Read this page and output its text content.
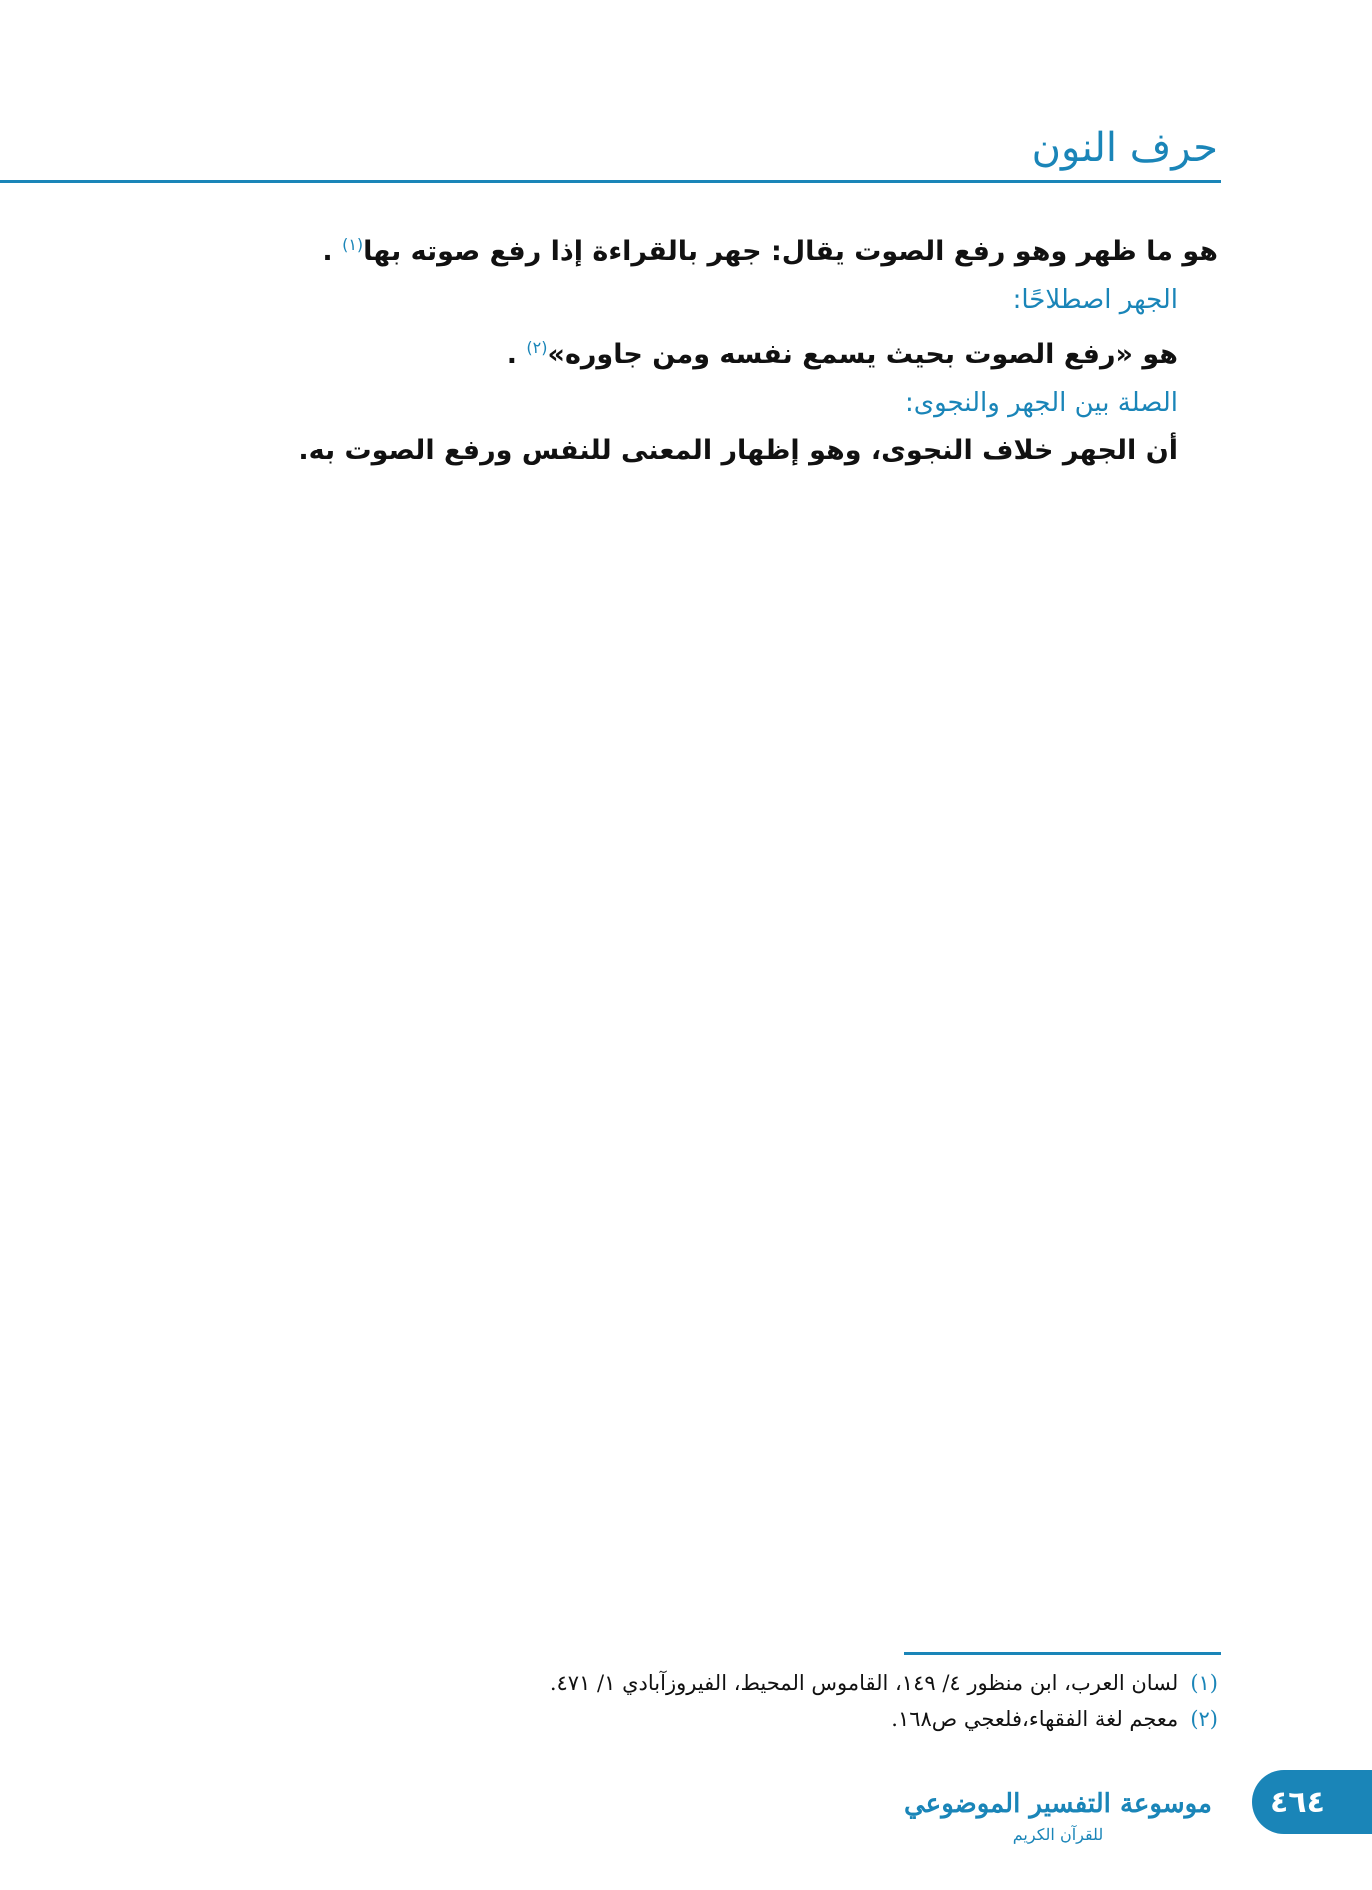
حرف النون

هو ما ظهر وهو رفع الصوت يقال: جهر بالقراءة إذا رفع صوته بها$^{(١)}$ .

الجهر اصطلاحًا:

هو «رفع الصوت بحيث يسمع نفسه ومن جاوره»$^{(٢)}$ .

الصلة بين الجهر والنجوى:

أن الجهر خلاف النجوى، وهو إظهار المعنى للنفس ورفع الصوت به.

(١)لسان العرب، ابن منظور ٤/ ١٤٩، القاموس المحيط، الفيروزآبادي ١/ ٤٧١.

(٢)معجم لغة الفقهاء،فلعجي ص١٦٨.

موسوعة التفسير الموضوعي
للقرآن الكريم
٤٦٤
